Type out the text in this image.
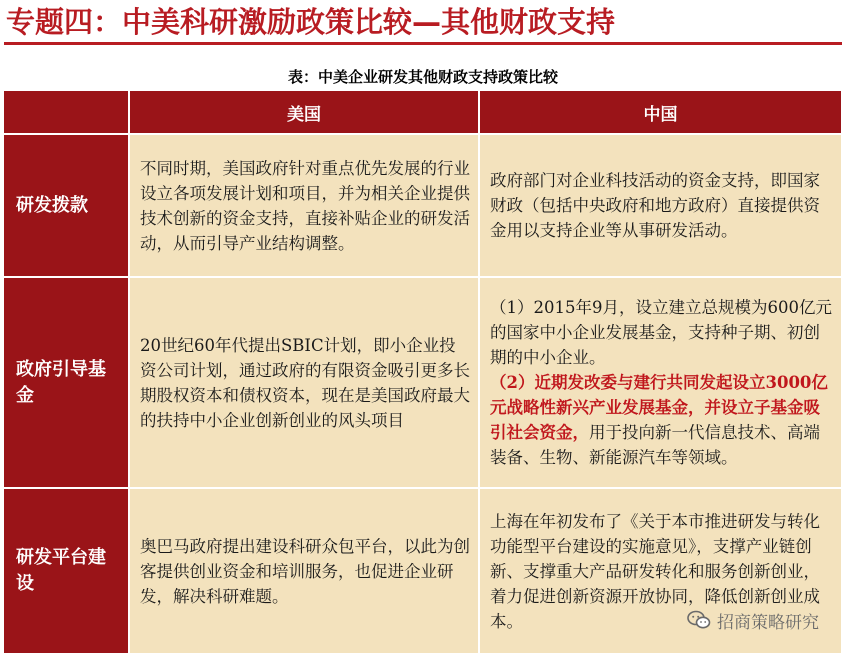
专题四：中美科研激励政策比较—其他财政支持
表：中美企业研发其他财政支持政策比较
美国	中国
研发拨款

不同时期，美国政府针对重点优先发展的行业设立各项发展计划和项目，并为相关企业提供技术创新的资金支持，直接补贴企业的研发活动，从而引导产业结构调整。

政府部门对企业科技活动的资金支持，即国家财政（包括中央政府和地方政府）直接提供资金用以支持企业等从事研发活动。

政府引导基金

20世纪60年代提出SBIC计划，即小企业投资公司计划，通过政府的有限资金吸引更多长期股权资本和债权资本，现在是美国政府最大的扶持中小企业创新创业的风头项目

（1）2015年9月，设立建立总规模为600亿元的国家中小企业发展基金，支持种子期、初创期的中小企业。

（2）近期发改委与建行共同发起设立3000亿元战略性新兴产业发展基金，并设立子基金吸引社会资金，用于投向新一代信息技术、高端装备、生物、新能源汽车等领域。

研发平台建设

奥巴马政府提出建设科研众包平台，以此为创客提供创业资金和培训服务，也促进企业研发，解决科研难题。

上海在年初发布了《关于本市推进研发与转化功能型平台建设的实施意见》，支撑产业链创新、支撑重大产品研发转化和服务创新创业，着力促进创新资源开放协同，降低创新创业成本。	招商策略研究
